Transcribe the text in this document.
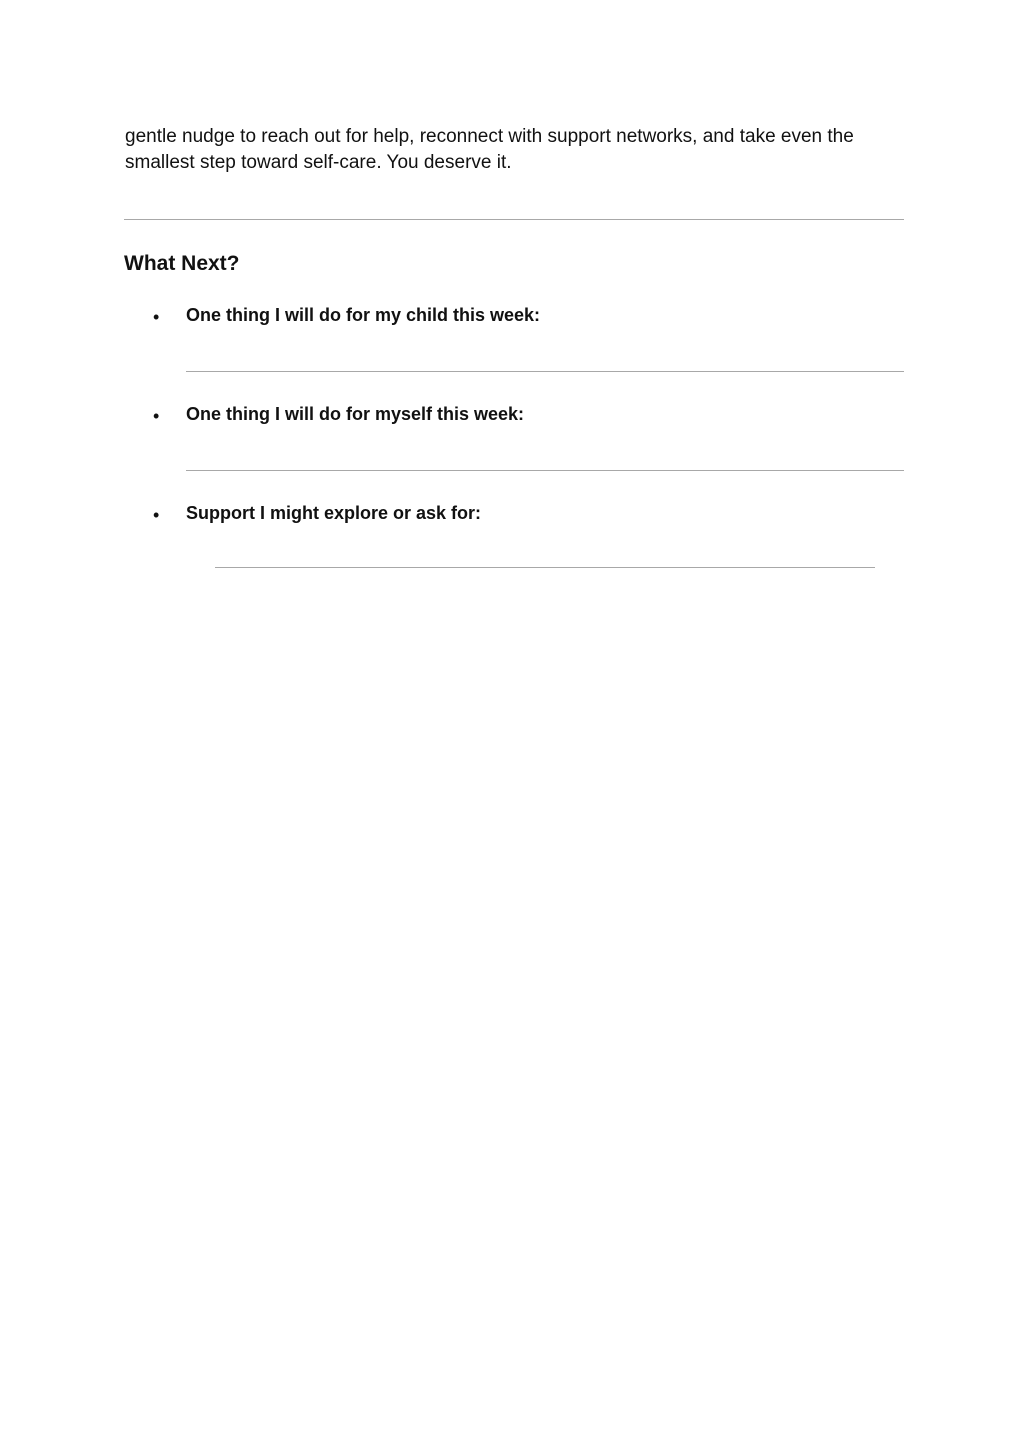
gentle nudge to reach out for help, reconnect with support networks, and take even the smallest step toward self-care. You deserve it.

What Next?
•	One thing I will do for my child this week:
•	One thing I will do for myself this week:
•	Support I might explore or ask for:
